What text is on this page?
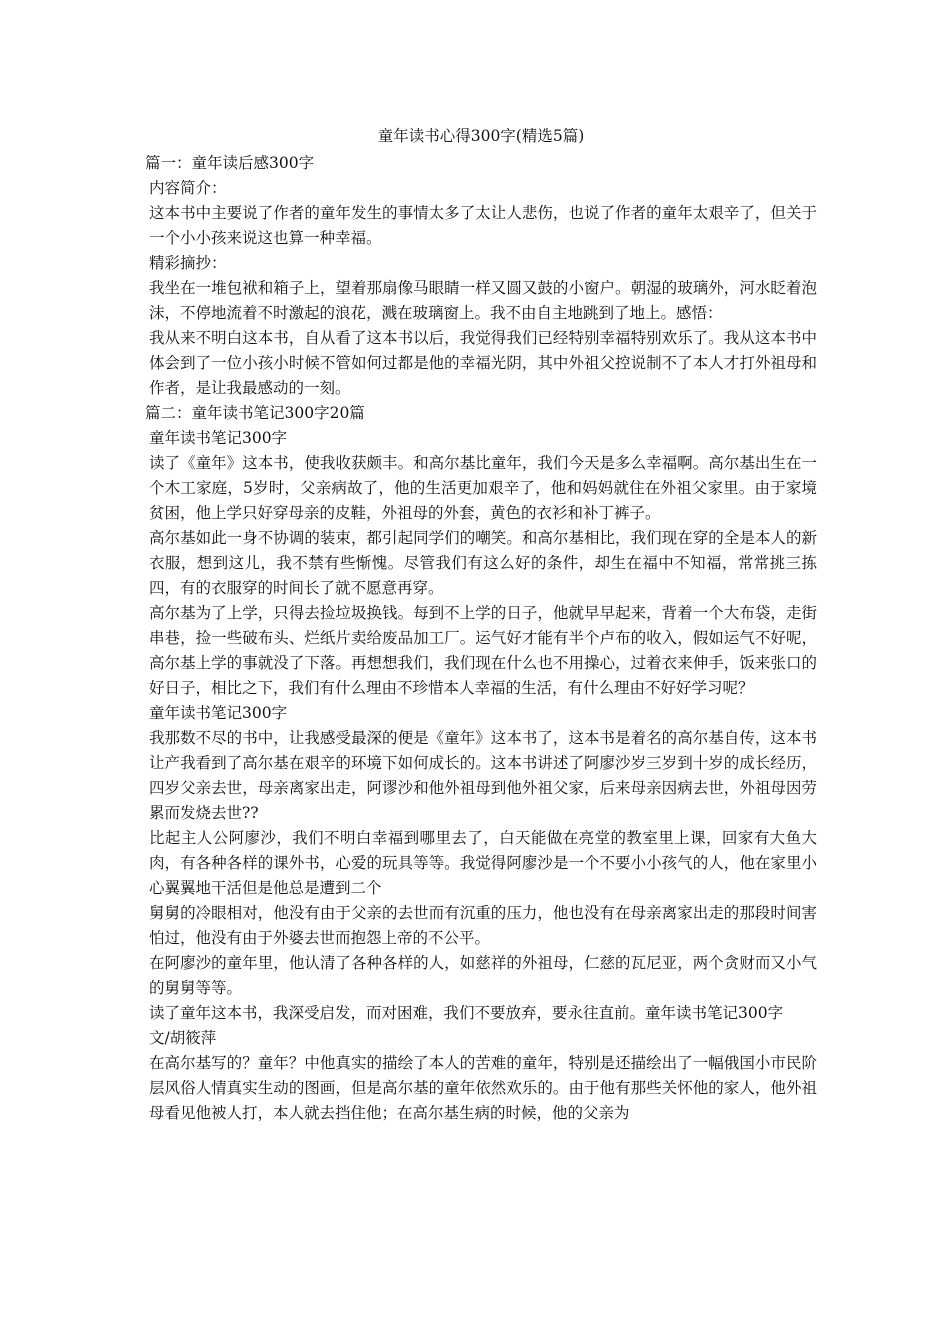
童年读书心得300字(精选5篇)

篇一：童年读后感300字

内容简介：

这本书中主要说了作者的童年发生的事情太多了太让人悲伤，也说了作者的童年太艰辛了，但关于一个小小孩来说这也算一种幸福。

精彩摘抄：

我坐在一堆包袱和箱子上，望着那扇像马眼睛一样又圆又鼓的小窗户。朝湿的玻璃外，河水眨着泡沫，不停地流着不时激起的浪花，溅在玻璃窗上。我不由自主地跳到了地上。感悟：

我从来不明白这本书，自从看了这本书以后，我觉得我们已经特别幸福特别欢乐了。我从这本书中体会到了一位小孩小时候不管如何过都是他的幸福光阴，其中外祖父控说制不了本人才打外祖母和作者，是让我最感动的一刻。

篇二：童年读书笔记300字20篇

童年读书笔记300字

读了《童年》这本书，使我收获颇丰。和高尔基比童年，我们今天是多么幸福啊。高尔基出生在一个木工家庭，5岁时，父亲病故了，他的生活更加艰辛了，他和妈妈就住在外祖父家里。由于家境贫困，他上学只好穿母亲的皮鞋，外祖母的外套，黄色的衣衫和补丁裤子。

高尔基如此一身不协调的装束，都引起同学们的嘲笑。和高尔基相比，我们现在穿的全是本人的新衣服，想到这儿，我不禁有些惭愧。尽管我们有这么好的条件，却生在福中不知福，常常挑三拣四，有的衣服穿的时间长了就不愿意再穿。

高尔基为了上学，只得去捡垃圾换钱。每到不上学的日子，他就早早起来，背着一个大布袋，走街串巷，捡一些破布头、烂纸片卖给废品加工厂。运气好才能有半个卢布的收入，假如运气不好呢，高尔基上学的事就没了下落。再想想我们，我们现在什么也不用操心，过着衣来伸手，饭来张口的好日子，相比之下，我们有什么理由不珍惜本人幸福的生活，有什么理由不好好学习呢？

童年读书笔记300字

我那数不尽的书中，让我感受最深的便是《童年》这本书了，这本书是着名的高尔基自传，这本书让产我看到了高尔基在艰辛的环境下如何成长的。这本书讲述了阿廖沙岁三岁到十岁的成长经历，四岁父亲去世，母亲离家出走，阿谬沙和他外祖母到他外祖父家，后来母亲因病去世，外祖母因劳累而发烧去世??

比起主人公阿廖沙，我们不明白幸福到哪里去了，白天能做在亮堂的教室里上课，回家有大鱼大肉，有各种各样的课外书，心爱的玩具等等。我觉得阿廖沙是一个不要小小孩气的人，他在家里小心翼翼地干活但是他总是遭到二个

舅舅的冷眼相对，他没有由于父亲的去世而有沉重的压力，他也没有在母亲离家出走的那段时间害怕过，他没有由于外婆去世而抱怨上帝的不公平。

在阿廖沙的童年里，他认清了各种各样的人，如慈祥的外祖母，仁慈的瓦尼亚，两个贪财而又小气的舅舅等等。

读了童年这本书，我深受启发，而对困难，我们不要放弃，要永往直前。童年读书笔记300字

文/胡筱萍

在高尔基写的？童年？中他真实的描绘了本人的苦难的童年，特别是还描绘出了一幅俄国小市民阶层风俗人情真实生动的图画，但是高尔基的童年依然欢乐的。由于他有那些关怀他的家人，他外祖母看见他被人打，本人就去挡住他；在高尔基生病的时候，他的父亲为
